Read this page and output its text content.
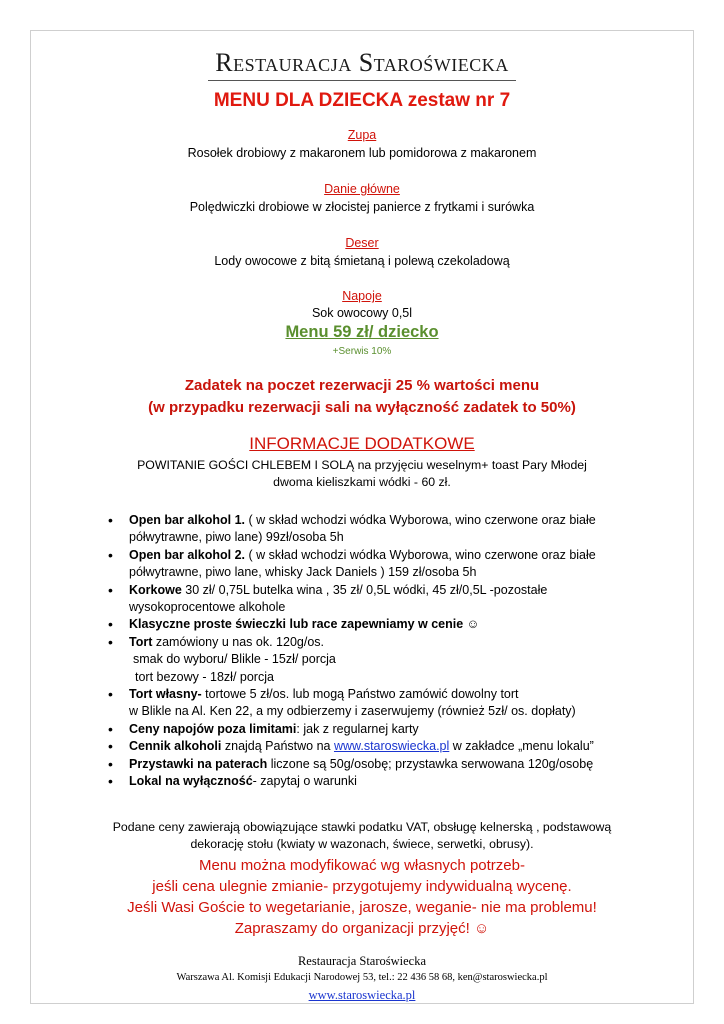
Restauracja Staroświecka
MENU DLA DZIECKA zestaw nr 7
Zupa
Rosołek drobiowy z makaronem lub pomidorowa z makaronem
Danie główne
Polędwiczki drobiowe w złocistej panierce z frytkami i surówka
Deser
Lody owocowe z bitą śmietaną i polewą czekoladową
Napoje
Sok owocowy 0,5l
Menu 59 zł/ dziecko
+Serwis 10%
Zadatek na poczet rezerwacji 25 % wartości menu
(w przypadku rezerwacji sali na wyłączność zadatek to 50%)
INFORMACJE DODATKOWE
POWITANIE GOŚCI CHLEBEM I SOLĄ na przyjęciu weselnym+ toast Pary Młodej
dwoma kieliszkami wódki - 60 zł.
• Open bar alkohol 1. ( w skład wchodzi wódka Wyborowa, wino czerwone oraz białe
półwytrawne, piwo lane) 99zł/osoba 5h
• Open bar alkohol 2. ( w skład wchodzi wódka Wyborowa, wino czerwone oraz białe
półwytrawne, piwo lane, whisky Jack Daniels ) 159 zł/osoba 5h
• Korkowe 30 zł/ 0,75L butelka wina , 35 zł/ 0,5L wódki, 45 zł/0,5L -pozostałe
wysokoprocentowe alkohole
• Klasyczne proste świeczki lub race zapewniamy w cenie ☺
• Tort zamówiony u nas ok. 120g/os.
smak do wyboru/ Blikle - 15zł/ porcja
tort bezowy - 18zł/ porcja
• Tort własny- tortowe 5 zł/os. lub mogą Państwo zamówić dowolny tort
w Blikle na Al. Ken 22, a my odbierzemy i zaserwujemy (również 5zł/ os. dopłaty)
• Ceny napojów poza limitami: jak z regularnej karty
• Cennik alkoholi znajdą Państwo na www.staroswiecka.pl w zakładce „menu lokalu”
• Przystawki na paterach liczone są 50g/osobę; przystawka serwowana 120g/osobę
• Lokal na wyłączność- zapytaj o warunki
Podane ceny zawierają obowiązujące stawki podatku VAT, obsługę kelnerską , podstawową
dekorację stołu (kwiaty w wazonach, świece, serwetki, obrusy).
Menu można modyfikować wg własnych potrzeb-
jeśli cena ulegnie zmianie- przygotujemy indywidualną wycenę.
Jeśli Wasi Goście to wegetarianie, jarosze, weganie- nie ma problemu!
Zapraszamy do organizacji przyjęć! ☺
Restauracja Staroświecka
Warszawa Al. Komisji Edukacji Narodowej 53, tel.: 22 436 58 68, ken@staroswiecka.pl
www.staroswiecka.pl
